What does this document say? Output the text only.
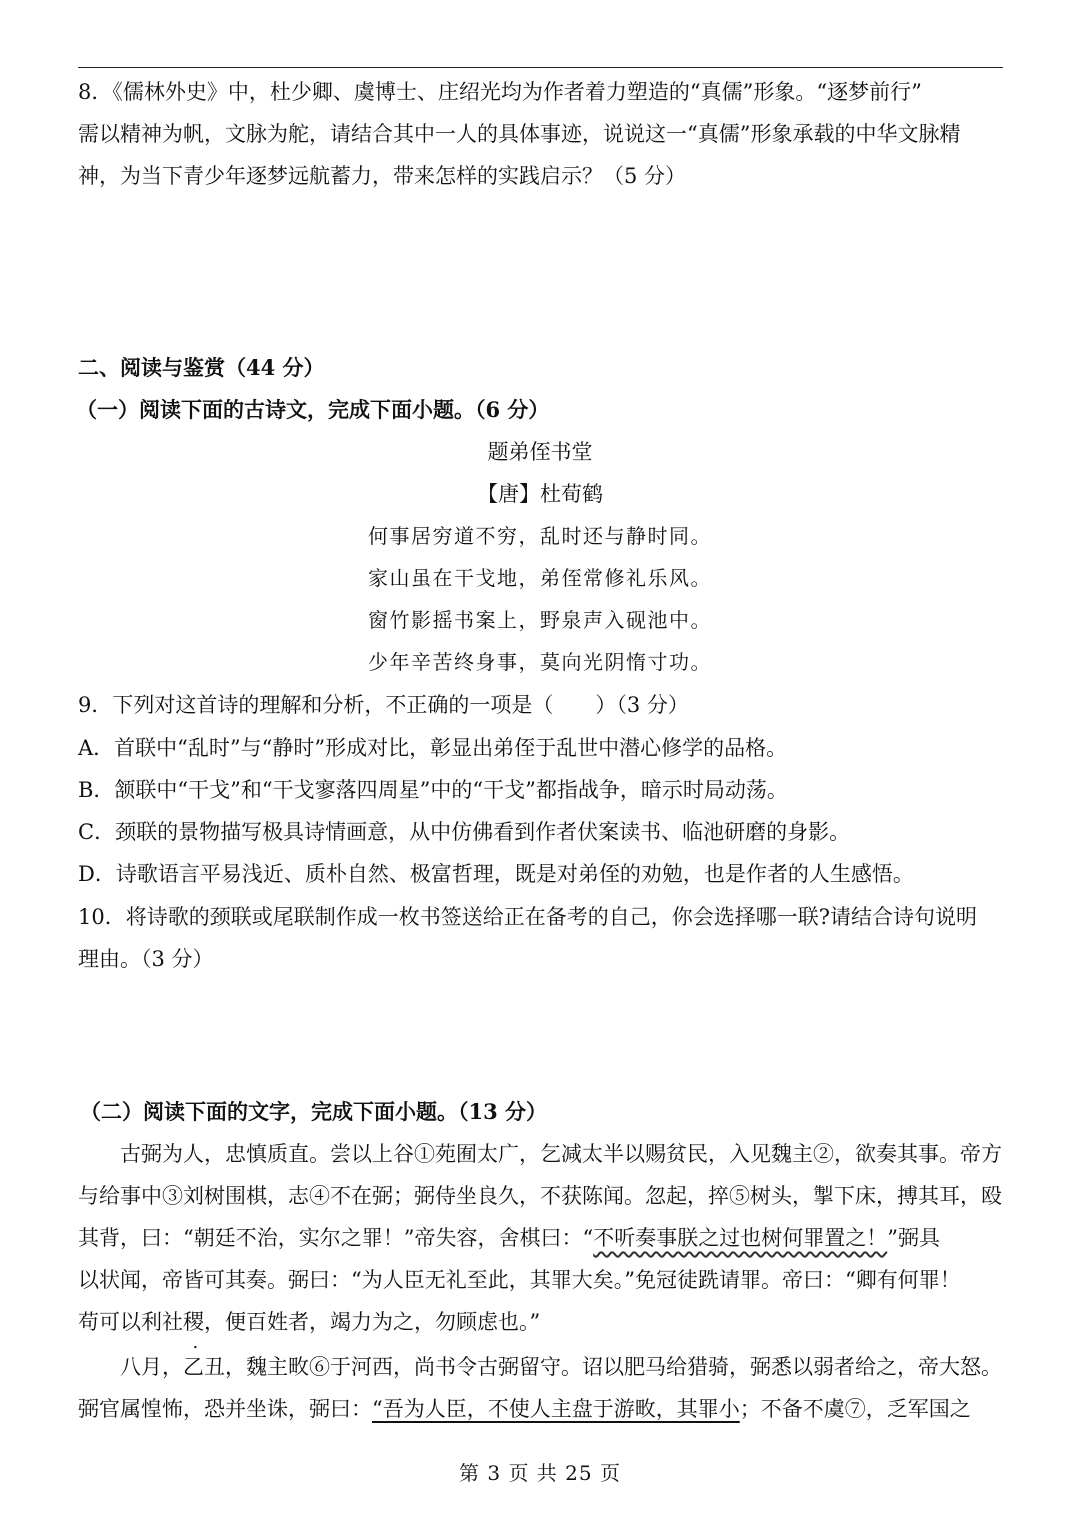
8．《儒林外史》中，杜少卿、虞博士、庄绍光均为作者着力塑造的“真儒”形象。“逐梦前行”
需以精神为帆，文脉为舵，请结合其中一人的具体事迹，说说这一“真儒”形象承载的中华文脉精
神，为当下青少年逐梦远航蓄力，带来怎样的实践启示？（5 分）
二、阅读与鉴赏（44 分）
（一）阅读下面的古诗文，完成下面小题。（6 分）
题弟侄书堂
【唐】杜荀鹤
何事居穷道不穷，乱时还与静时同。
家山虽在干戈地，弟侄常修礼乐风。
窗竹影摇书案上，野泉声入砚池中。
少年辛苦终身事，莫向光阴惰寸功。
9．下列对这首诗的理解和分析，不正确的一项是（　　）（3 分）
A．首联中“乱时”与“静时”形成对比，彰显出弟侄于乱世中潜心修学的品格。
B．颔联中“干戈”和“干戈寥落四周星”中的“干戈”都指战争，暗示时局动荡。
C．颈联的景物描写极具诗情画意，从中仿佛看到作者伏案读书、临池研磨的身影。
D．诗歌语言平易浅近、质朴自然、极富哲理，既是对弟侄的劝勉，也是作者的人生感悟。
10．将诗歌的颈联或尾联制作成一枚书签送给正在备考的自己，你会选择哪一联?请结合诗句说明
理由。（3 分）
（二）阅读下面的文字，完成下面小题。（13 分）
古弼为人，忠慎质直。尝以上谷①苑囿太广，乞减太半以赐贫民，入见魏主②，欲奏其事。帝方
与给事中③刘树围棋，志④不在弼；弼侍坐良久，不获陈闻。忽起，捽⑤树头，掣下床，搏其耳，殴
其背，曰：“朝廷不治，实尔之罪！”帝失容，舍棋曰：“不听奏事朕之过也树何罪置之！”弼具
以状闻，帝皆可其奏。弼曰：“为人臣无礼至此，其罪大矣。”免冠徒跣请罪。帝曰：“卿有何罪！
苟可以利社稷，便百姓者，竭力为之，勿顾虑也。”
八月，乙丑，魏主畋⑥于河西，尚书令古弼留守。诏以肥马给猎骑，弼悉以弱者给之，帝大怒。
弼官属惶怖，恐并坐诛，弼曰：“吾为人臣，不使人主盘于游畋，其罪小；不备不虞⑦，乏军国之
第 3 页 共 25 页
